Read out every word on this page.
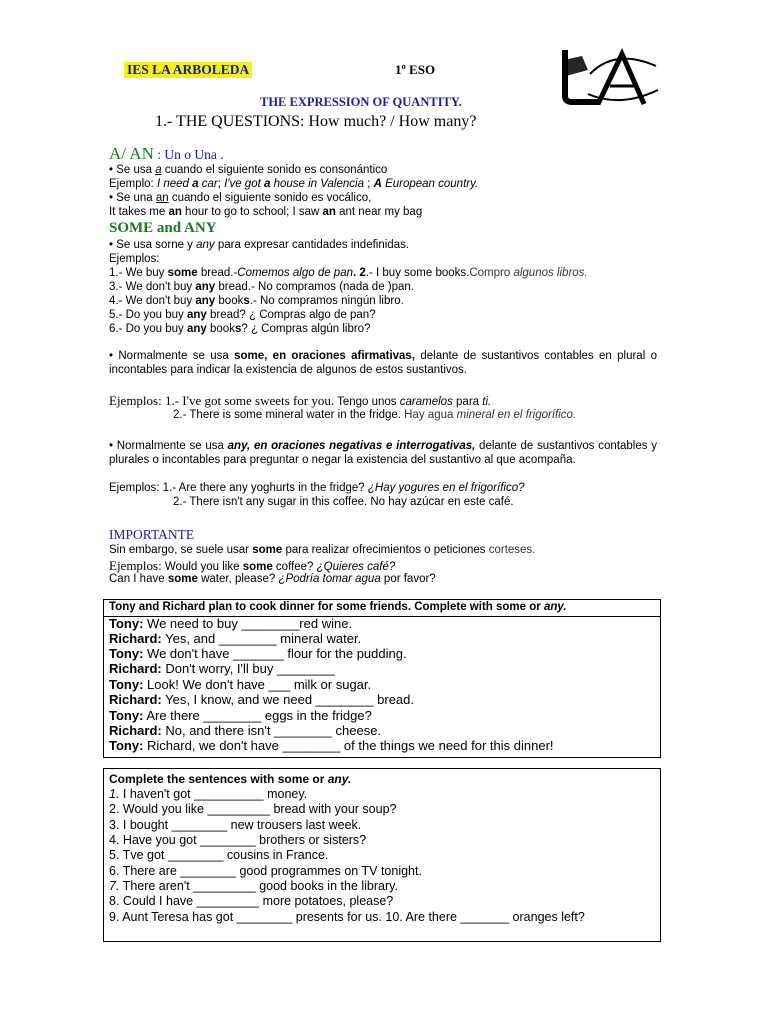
IES LA ARBOLEDA	1º ESO
THE EXPRESSION OF QUANTITY.
1.- THE QUESTIONS: How much? / How many?
A/ AN : Un o Una .
• Se usa a cuando el siguiente sonido es consonántico
Ejemplo: I need a car; I've got a house in Valencia ; A European country.
• Se una an cuando el siguiente sonido es vocálico,
It takes me an hour to go to school; I saw an ant near my bag
SOME and ANY
• Se usa sorne y any para expresar cantidades indefinidas.
Ejemplos:
1.- We buy some bread.-Comemos algo de pan. 2.- I buy some books.Compro algunos libros.
3.- We don't buy any bread.- No compramos (nada de )pan.
4.- We don't buy any books.- No compramos ningún libro.
5.- Do you buy any bread? ¿ Compras algo de pan?
6.- Do you buy any books? ¿ Compras algún libro?
• Normalmente se usa some, en oraciones afirmativas, delante de sustantivos contables en plural o incontables para indicar la existencia de algunos de estos sustantivos.
Ejemplos: 1.- I've got some sweets for you. Tengo unos caramelos para ti.
2.- There is some mineral water in the fridge. Hay agua mineral en el frigorífico.
• Normalmente se usa any, en oraciones negativas e interrogativas, delante de sustantivos contables y plurales o incontables para preguntar o negar la existencia del sustantivo al que acompaña.
Ejemplos: 1.- Are there any yoghurts in the fridge? ¿Hay yogures en el frigorífico?
2.- There isn't any sugar in this coffee. No hay azúcar en este café.
IMPORTANTE
Sin embargo, se suele usar some para realizar ofrecimientos o peticiones corteses.
Ejemplos: Would you like some coffee? ¿Quieres café?
Can I have some water, please? ¿Podría tomar agua por favor?
Tony and Richard plan to cook dinner for some friends. Complete with some or any.
Tony: We need to buy ________red wine.
Richard: Yes, and ________ mineral water.
Tony: We don't have _______ flour for the pudding.
Richard: Don't worry, I'll buy ________
Tony: Look! We don't have ___ milk or sugar.
Richard: Yes, I know, and we need ________ bread.
Tony: Are there ________ eggs in the fridge?
Richard: No, and there isn't ________ cheese.
Tony: Richard, we don't have ________ of the things we need for this dinner!
Complete the sentences with some or any.
1. I haven't got __________ money.
2. Would you like _________ bread with your soup?
3. I bought ________ new trousers last week.
4. Have you got ________ brothers or sisters?
5. Tve got ________ cousins in France.
6. There are ________ good programmes on TV tonight.
7. There aren't _________ good books in the library.
8. Could I have _________ more potatoes, please?
9. Aunt Teresa has got ________ presents for us. 10. Are there _______ oranges left?
